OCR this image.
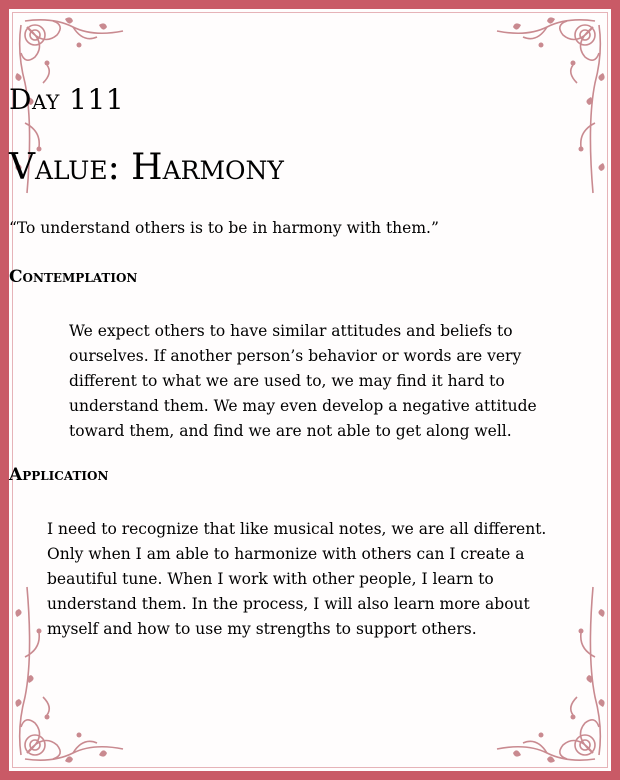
Day 111
Value: Harmony
“To understand others is to be in harmony with them.”
Contemplation
We expect others to have similar attitudes and beliefs to ourselves. If another person’s behavior or words are very different to what we are used to, we may find it hard to understand them. We may even develop a negative attitude toward them, and find we are not able to get along well.
Application
I need to recognize that like musical notes, we are all different. Only when I am able to harmonize with others can I create a beautiful tune. When I work with other people, I learn to understand them. In the process, I will also learn more about myself and how to use my strengths to support others.
